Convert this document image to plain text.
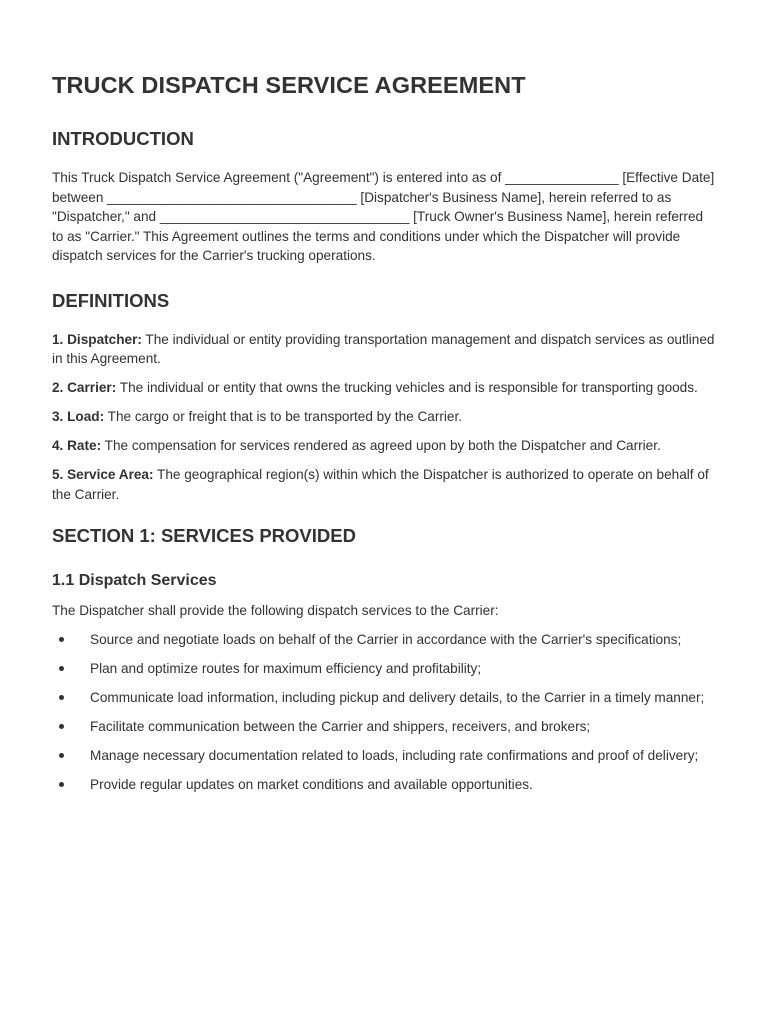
TRUCK DISPATCH SERVICE AGREEMENT
INTRODUCTION

This Truck Dispatch Service Agreement ("Agreement") is entered into as of _______________ [Effective Date] between _________________________________ [Dispatcher's Business Name], herein referred to as "Dispatcher," and _________________________________ [Truck Owner's Business Name], herein referred to as "Carrier." This Agreement outlines the terms and conditions under which the Dispatcher will provide dispatch services for the Carrier's trucking operations.

DEFINITIONS

1. Dispatcher: The individual or entity providing transportation management and dispatch services as outlined in this Agreement.

2. Carrier: The individual or entity that owns the trucking vehicles and is responsible for transporting goods.

3. Load: The cargo or freight that is to be transported by the Carrier.

4. Rate: The compensation for services rendered as agreed upon by both the Dispatcher and Carrier.

5. Service Area: The geographical region(s) within which the Dispatcher is authorized to operate on behalf of the Carrier.

SECTION 1: SERVICES PROVIDED
1.1 Dispatch Services

The Dispatcher shall provide the following dispatch services to the Carrier:

Source and negotiate loads on behalf of the Carrier in accordance with the Carrier's specifications;
Plan and optimize routes for maximum efficiency and profitability;
Communicate load information, including pickup and delivery details, to the Carrier in a timely manner;
Facilitate communication between the Carrier and shippers, receivers, and brokers;
Manage necessary documentation related to loads, including rate confirmations and proof of delivery;
Provide regular updates on market conditions and available opportunities.
